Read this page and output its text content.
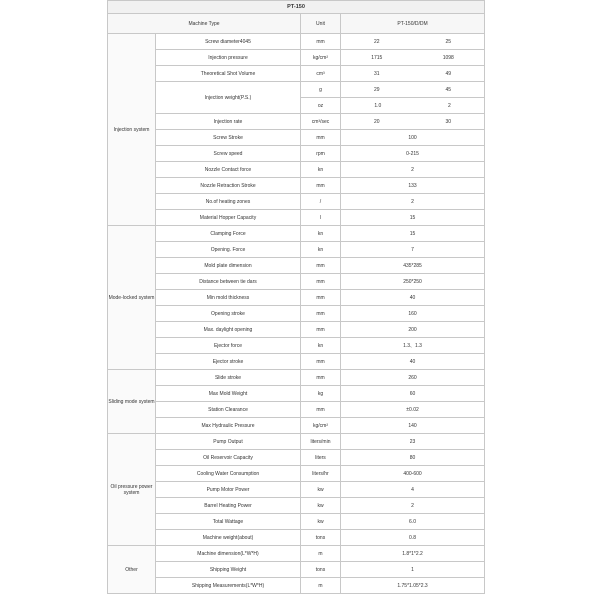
PT-150			
Machine Type		Unit	PT-150/D/DM
Injection system	Screw diameter4045	mm	22 25

	Injection pressure	kg/cm²	1715 1098

	Theoretical Shot Volume	cm³	31 49

	Injection weight(P.S.)	g	29 45

		oz	1.0 2

	Injection rate	cm³/sec	20 30

	Screw Stroke	mm	100
	Screw speed	rpm	0-215
	Nozzle Contact force	kn	2
	Nozzle Retraction Stroke	mm	133
	No.of heating zones	/	2
	Material Hopper Capacity	l	15
Mode-locked system	Clamping Force	kn	15
	Opening. Force	kn	7
	Mold plate dimension	mm	435*285
	Distance between tie dars	mm	250*250
	Min mold thickness	mm	40
	Opening stroke	mm	160
	Max. daylight opening	mm	200
	Ejector force	kn	1.3、1.3
	Ejector stroke	mm	40
Sliding mode system	Slide stroke	mm	260
	Max Mold Weight	kg	60
	Station Clearance	mm	±0.02
	Max Hydraulic Pressure	kg/cm²	140
Oil pressure power system	Pump Output	liters/min	23
	Oil Reservoir Capacity	liters	80
	Cooling Water Consumption	liters/hr	400-600
	Pump Motor Power	kw	4
	Barrel Heating Power	kw	2
	Total Wattage	kw	6.0
	Machine weight(about)	tons	0.8
Other	Machine dimension(L*W*H)	m	1.8*1*2.2
	Shipping Weight	tons	1
	Shipping Measurements(L*W*H)	m	1.75*1.05*2.3
